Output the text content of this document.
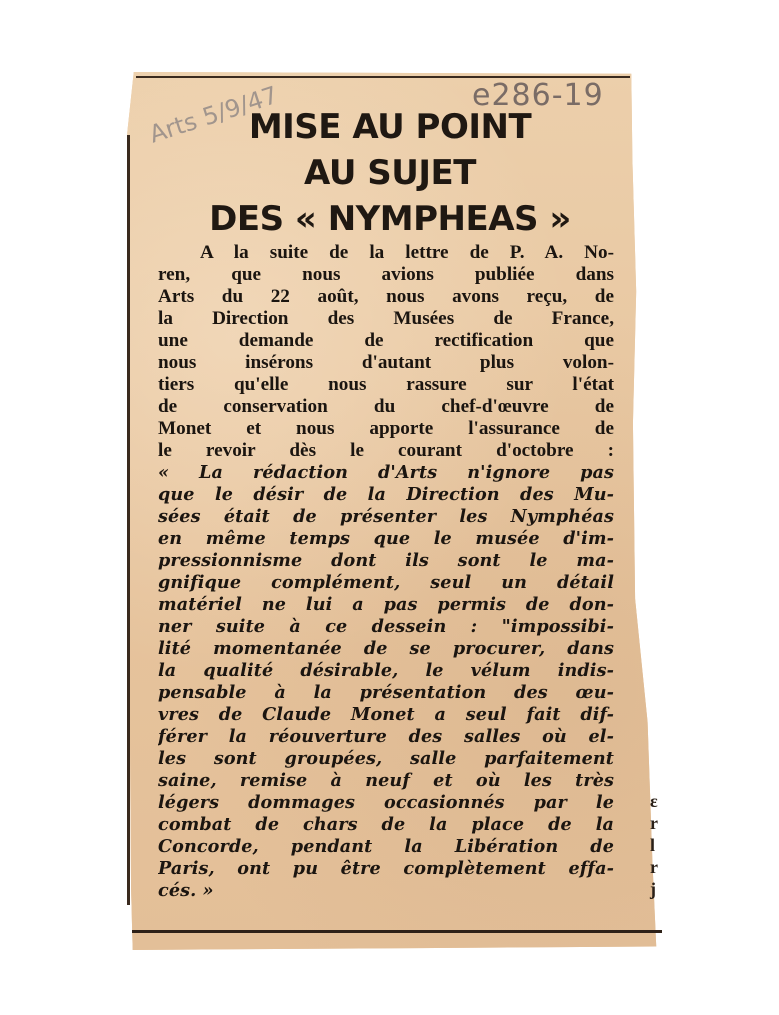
e286-19
Arts 5/9/47
MISE AU POINT
AU SUJET
DES « NYMPHEAS »
A la suite de la lettre de P. A. No-
ren, que nous avions publiée dans
Arts du 22 août, nous avons reçu, de
la Direction des Musées de France,
une demande de rectification que
nous insérons d'autant plus volon-
tiers qu'elle nous rassure sur l'état
de conservation du chef-d'œuvre de
Monet et nous apporte l'assurance de
le revoir dès le courant d'octobre :
« La rédaction d'Arts n'ignore pas
que le désir de la Direction des Mu-
sées était de présenter les Nymphéas
en même temps que le musée d'im-
pressionnisme dont ils sont le ma-
gnifique complément, seul un détail
matériel ne lui a pas permis de don-
ner suite à ce dessein : "impossibi-
lité momentanée de se procurer, dans
la qualité désirable, le vélum indis-
pensable à la présentation des œu-
vres de Claude Monet a seul fait dif-
férer la réouverture des salles où el-
les sont groupées, salle parfaitement
saine, remise à neuf et où les très
légers dommages occasionnés par le
combat de chars de la place de la
Concorde, pendant la Libération de
Paris, ont pu être complètement effa-
cés. »
ε
r
l
r
j
